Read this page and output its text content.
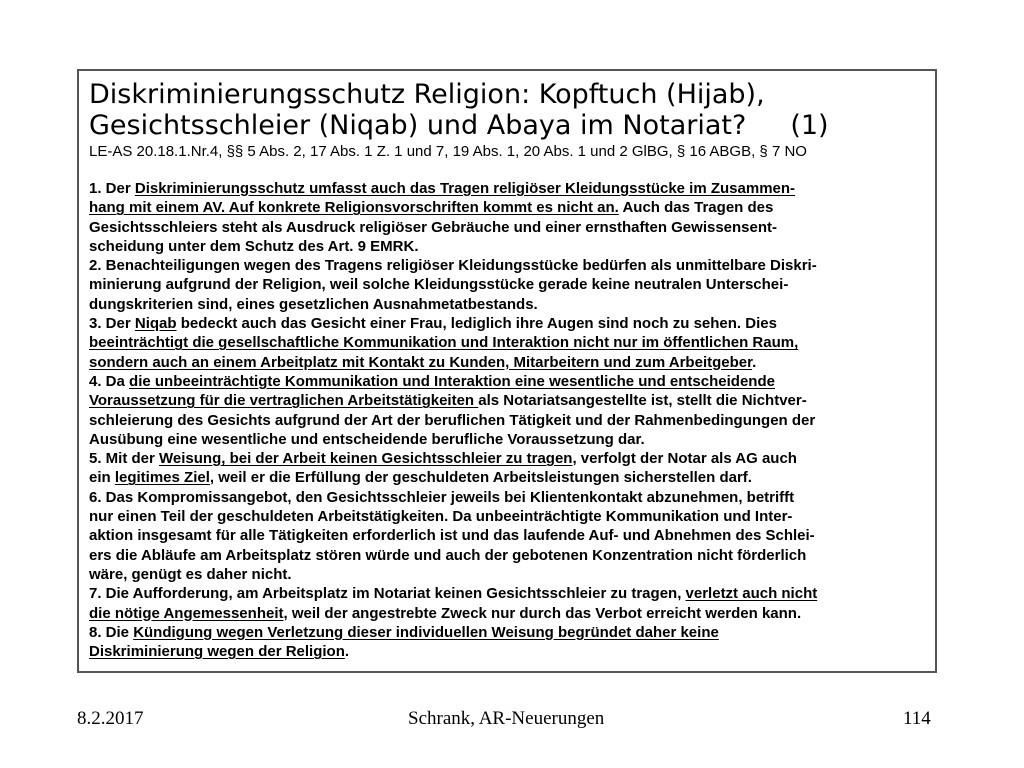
Diskriminierungsschutz Religion: Kopftuch (Hijab),
Gesichtsschleier (Niqab) und Abaya im Notariat? (1)
LE-AS 20.18.1.Nr.4, §§ 5 Abs. 2, 17 Abs. 1 Z. 1 und 7, 19 Abs. 1, 20 Abs. 1 und 2 GlBG, § 16 ABGB, § 7 NO
1. Der Diskriminierungsschutz umfasst auch das Tragen religiöser Kleidungsstücke im Zusammen-
hang mit einem AV. Auf konkrete Religionsvorschriften kommt es nicht an. Auch das Tragen des
Gesichtsschleiers steht als Ausdruck religiöser Gebräuche und einer ernsthaften Gewissensent-
scheidung unter dem Schutz des Art. 9 EMRK.
2. Benachteiligungen wegen des Tragens religiöser Kleidungsstücke bedürfen als unmittelbare Diskri-
minierung aufgrund der Religion, weil solche Kleidungsstücke gerade keine neutralen Unterschei-
dungskriterien sind, eines gesetzlichen Ausnahmetatbestands.
3. Der Niqab bedeckt auch das Gesicht einer Frau, lediglich ihre Augen sind noch zu sehen. Dies
beeinträchtigt die gesellschaftliche Kommunikation und Interaktion nicht nur im öffentlichen Raum,
sondern auch an einem Arbeitplatz mit Kontakt zu Kunden, Mitarbeitern und zum Arbeitgeber.
4. Da die unbeeinträchtigte Kommunikation und Interaktion eine wesentliche und entscheidende
Voraussetzung für die vertraglichen Arbeitstätigkeiten als Notariatsangestellte ist, stellt die Nichtver-
schleierung des Gesichts aufgrund der Art der beruflichen Tätigkeit und der Rahmenbedingungen der
Ausübung eine wesentliche und entscheidende berufliche Voraussetzung dar.
5. Mit der Weisung, bei der Arbeit keinen Gesichtsschleier zu tragen, verfolgt der Notar als AG auch
ein legitimes Ziel, weil er die Erfüllung der geschuldeten Arbeitsleistungen sicherstellen darf.
6. Das Kompromissangebot, den Gesichtsschleier jeweils bei Klientenkontakt abzunehmen, betrifft
nur einen Teil der geschuldeten Arbeitstätigkeiten. Da unbeeinträchtigte Kommunikation und Inter-
aktion insgesamt für alle Tätigkeiten erforderlich ist und das laufende Auf- und Abnehmen des Schlei-
ers die Abläufe am Arbeitsplatz stören würde und auch der gebotenen Konzentration nicht förderlich
wäre, genügt es daher nicht.
7. Die Aufforderung, am Arbeitsplatz im Notariat keinen Gesichtsschleier zu tragen, verletzt auch nicht
die nötige Angemessenheit, weil der angestrebte Zweck nur durch das Verbot erreicht werden kann.
8. Die Kündigung wegen Verletzung dieser individuellen Weisung begründet daher keine
Diskriminierung wegen der Religion.
8.2.2017	Schrank, AR-Neuerungen	114
